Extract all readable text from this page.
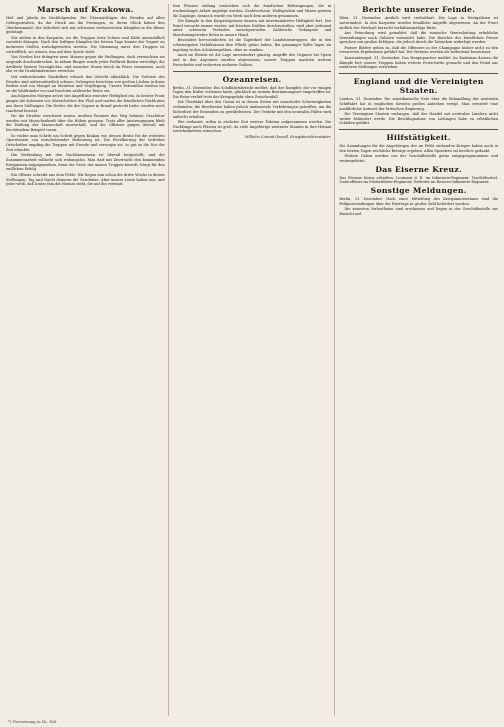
Marsch auf Krakowa.

Heil und Jubeln im Nachfolgenden. Die Übermächtigen des Feindes auf allen Gebirgsstraßen, da der Druck um die Festungen, zu ihrem Glück haben den Oberkommand; der Mittelteil sich mit schweren verlustreichen Kämpfen in die Ebene gedrängt.

Wir stehen in den Karpaten, wo die Truppen trotz Schnee und Kälte unermüdlich vorwärts drängen. Nach den heftigen Kämpfen der letzten Tage konnte der Gegner an mehreren Stellen zurückgeworfen werden. Die Stimmung unter den Truppen ist vortrefflich, sie wissen, was auf dem Spiele steht.

Von Norden her drängten neue Massen gegen die Stellungen, doch vermochten sie nirgends durchzubrechen. In zähem Ringen wurde jeder Fußbreit Boden verteidigt; die Artillerie leistete Vorzügliches, und mancher Sturm brach im Feuer zusammen, noch ehe er die Drahthindernisse erreichte.

Mit einbrechender Dunkelheit erlosch das Gefecht allmählich. Die Verluste des Feindes sind außerordentlich schwer; Gefangene berichten von großen Lücken in ihren Reihen und von Mangel an Munition und Verpflegung. Unsere Patrouillen stießen bis an die Waldränder vor und brachten zahlreiche Beute ein.

Am folgenden Morgen setzte der Angriff mit erneuter Heftigkeit ein. In breiter Front gingen die Kolonnen vor, überschritten den Fluß und warfen die feindlichen Nachhuten aus ihren Stellungen. Die Dörfer, die der Gegner in Brand gesteckt hatte, wurden noch rauchend besetzt.

Wo die Straßen verschneit waren, mußten Pioniere den Weg bahnen; Geschütze wurden mit Menschenkraft über die Höhen gezogen. Trotz aller Anstrengungen blieb die Haltung der Mannschaft musterhaft, und die Offiziere gingen überall mit leuchtendem Beispiel voran.

So rückte man Schritt um Schritt gegen Krakau vor, dessen Besitz für die weiteren Operationen von entscheidender Bedeutung ist. Die Bevölkerung der befreiten Ortschaften empfing die Truppen mit Freude und versorgte sie, so gut es die Not der Zeit erlaubte.

Die Verbindung mit den Nachbararmeen ist überall hergestellt, und die Zusammenarbeit vollzieht sich reibungslos. Man darf mit Zuversicht den kommenden Ereignissen entgegensehen, denn der Geist, der unsere Truppen beseelt, bürgt für den endlichen Erfolg.

Ein Offizier schreibt aus dem Felde: Wir liegen nun schon die dritte Woche in diesen Stellungen; Tag und Nacht donnern die Geschütze. Aber unsere Leute halten aus, und jeder weiß, daß hinter ihm die Heimat steht, die auf ihn vertraut.

Den Flüssen entlang erstrecken sich die feindlichen Befestigungen, die in wochenlanger Arbeit angelegt wurden. Drahtverhaue, Wolfsgruben und Minen sperren die Zugänge; dennoch wurde ein Werk nach dem anderen genommen.

Die Kämpfe in den Karpatenpässen dauern mit unverminderter Heftigkeit fort. Der Feind versucht immer wieder, mit frischen Kräften durchzustoßen, wird aber jedesmal unter schweren Verlusten zurückgeworfen. Zahlreiche Gefangene und Maschinengewehre fielen in unsere Hand.

Besonders hervorzuheben ist die Tapferkeit der Landsturmtruppen, die in den schwierigsten Verhältnissen ihre Pflicht getan haben. Bei grimmiger Kälte lagen sie tagelang in den Schützengräben, ohne zu wanken.

Auch im Westen ist die Lage unverändert günstig. Angriffe des Gegners bei Ypern und in den Argonnen wurden abgewiesen; unsere Truppen machten weitere Fortschritte und eroberten mehrere Gräben.

Ozeanreisen.

Berlin, 31. Dezember. Ein Schiffahrtsbericht meldet, daß der Dampfer, der vor einigen Tagen den Hafen verlassen hatte, glücklich an seinem Bestimmungsort eingetroffen ist. Die Reise verlief trotz der Kriegsgefahr ohne Zwischenfall.

Die Überfahrt über den Ozean ist in diesen Zeiten mit mancherlei Schwierigkeiten verbunden; die Reedereien haben jedoch umfassende Vorkehrungen getroffen, um die Sicherheit der Reisenden zu gewährleisten. Der Verkehr mit den neutralen Häfen wird aufrecht erhalten.

Wie verlautet, sollen in nächster Zeit weitere Fahrten aufgenommen werden. Die Nachfrage nach Plätzen ist groß, da viele Angehörige neutraler Staaten in ihre Heimat zurückzukehren wünschen.

Wilhelm Conrad Gomoll, Kriegsberichterstatter.

Berichte unserer Feinde.

Wien, 31. Dezember. Amtlich wird verlautbart: Die Lage in Westgalizien ist unverändert. In den Karpaten wurden feindliche Angriffe abgewiesen. An der Front südlich der Weichsel herrscht verhältnismäßige Ruhe.

Aus Petersburg wird gemeldet, daß die russische Heeresleitung erhebliche Verstärkungen nach Galizien entsendet habe. Die Berichte der feindlichen Presse sprechen von großen Erfolgen, die jedoch durch die Tatsachen widerlegt werden.

Pariser Blätter geben zu, daß die Offensive in der Champagne bisher nicht zu den erwarteten Ergebnissen geführt hat. Die Verluste werden als bedeutend bezeichnet.

Konstantinopel, 31. Dezember. Das Hauptquartier meldet: Im Kaukasus dauern die Kämpfe fort; unsere Truppen haben weitere Fortschritte gemacht und den Feind aus mehreren Stellungen vertrieben.

England und die Vereinigten Staaten.

London, 31. Dezember. Die amerikanische Note über die Behandlung der neutralen Schiffahrt hat in englischen Kreisen großes Aufsehen erregt. Man erwartet eine ausführliche Antwort der britischen Regierung.

Die Vereinigten Staaten verlangen, daß der Handel mit neutralen Ländern nicht weiter behindert werde. Die Beschlagnahme von Ladungen habe zu erheblichen Schäden geführt.

Hilfstätigkeit.

Die Sammlungen für die Angehörigen der im Felde stehenden Krieger haben auch in den letzten Tagen reichliche Beträge ergeben. Allen Spendern sei herzlich gedankt.

Weitere Gaben werden von der Geschäftsstelle gerne entgegengenommen und weitergeleitet.

Das Eiserne Kreuz.

Das Eiserne Kreuz erhielten: Leutnant d. R. im Infanterie-Regiment; Vizefeldwebel; Unteroffizier im Feldartillerie-Regiment; Gefreiter im Reserve-Infanterie-Regiment.

Sonstige Meldungen.

Berlin, 31. Dezember. Nach einer Mitteilung des Kriegsministeriums sind die Feldpostsendungen über die Feiertage in großer Zahl befördert worden.

Die neuesten Verlustlisten sind erschienen und liegen in der Geschäftsstelle zur Einsicht auf.

*) Fortsetzung in Nr. 366.
